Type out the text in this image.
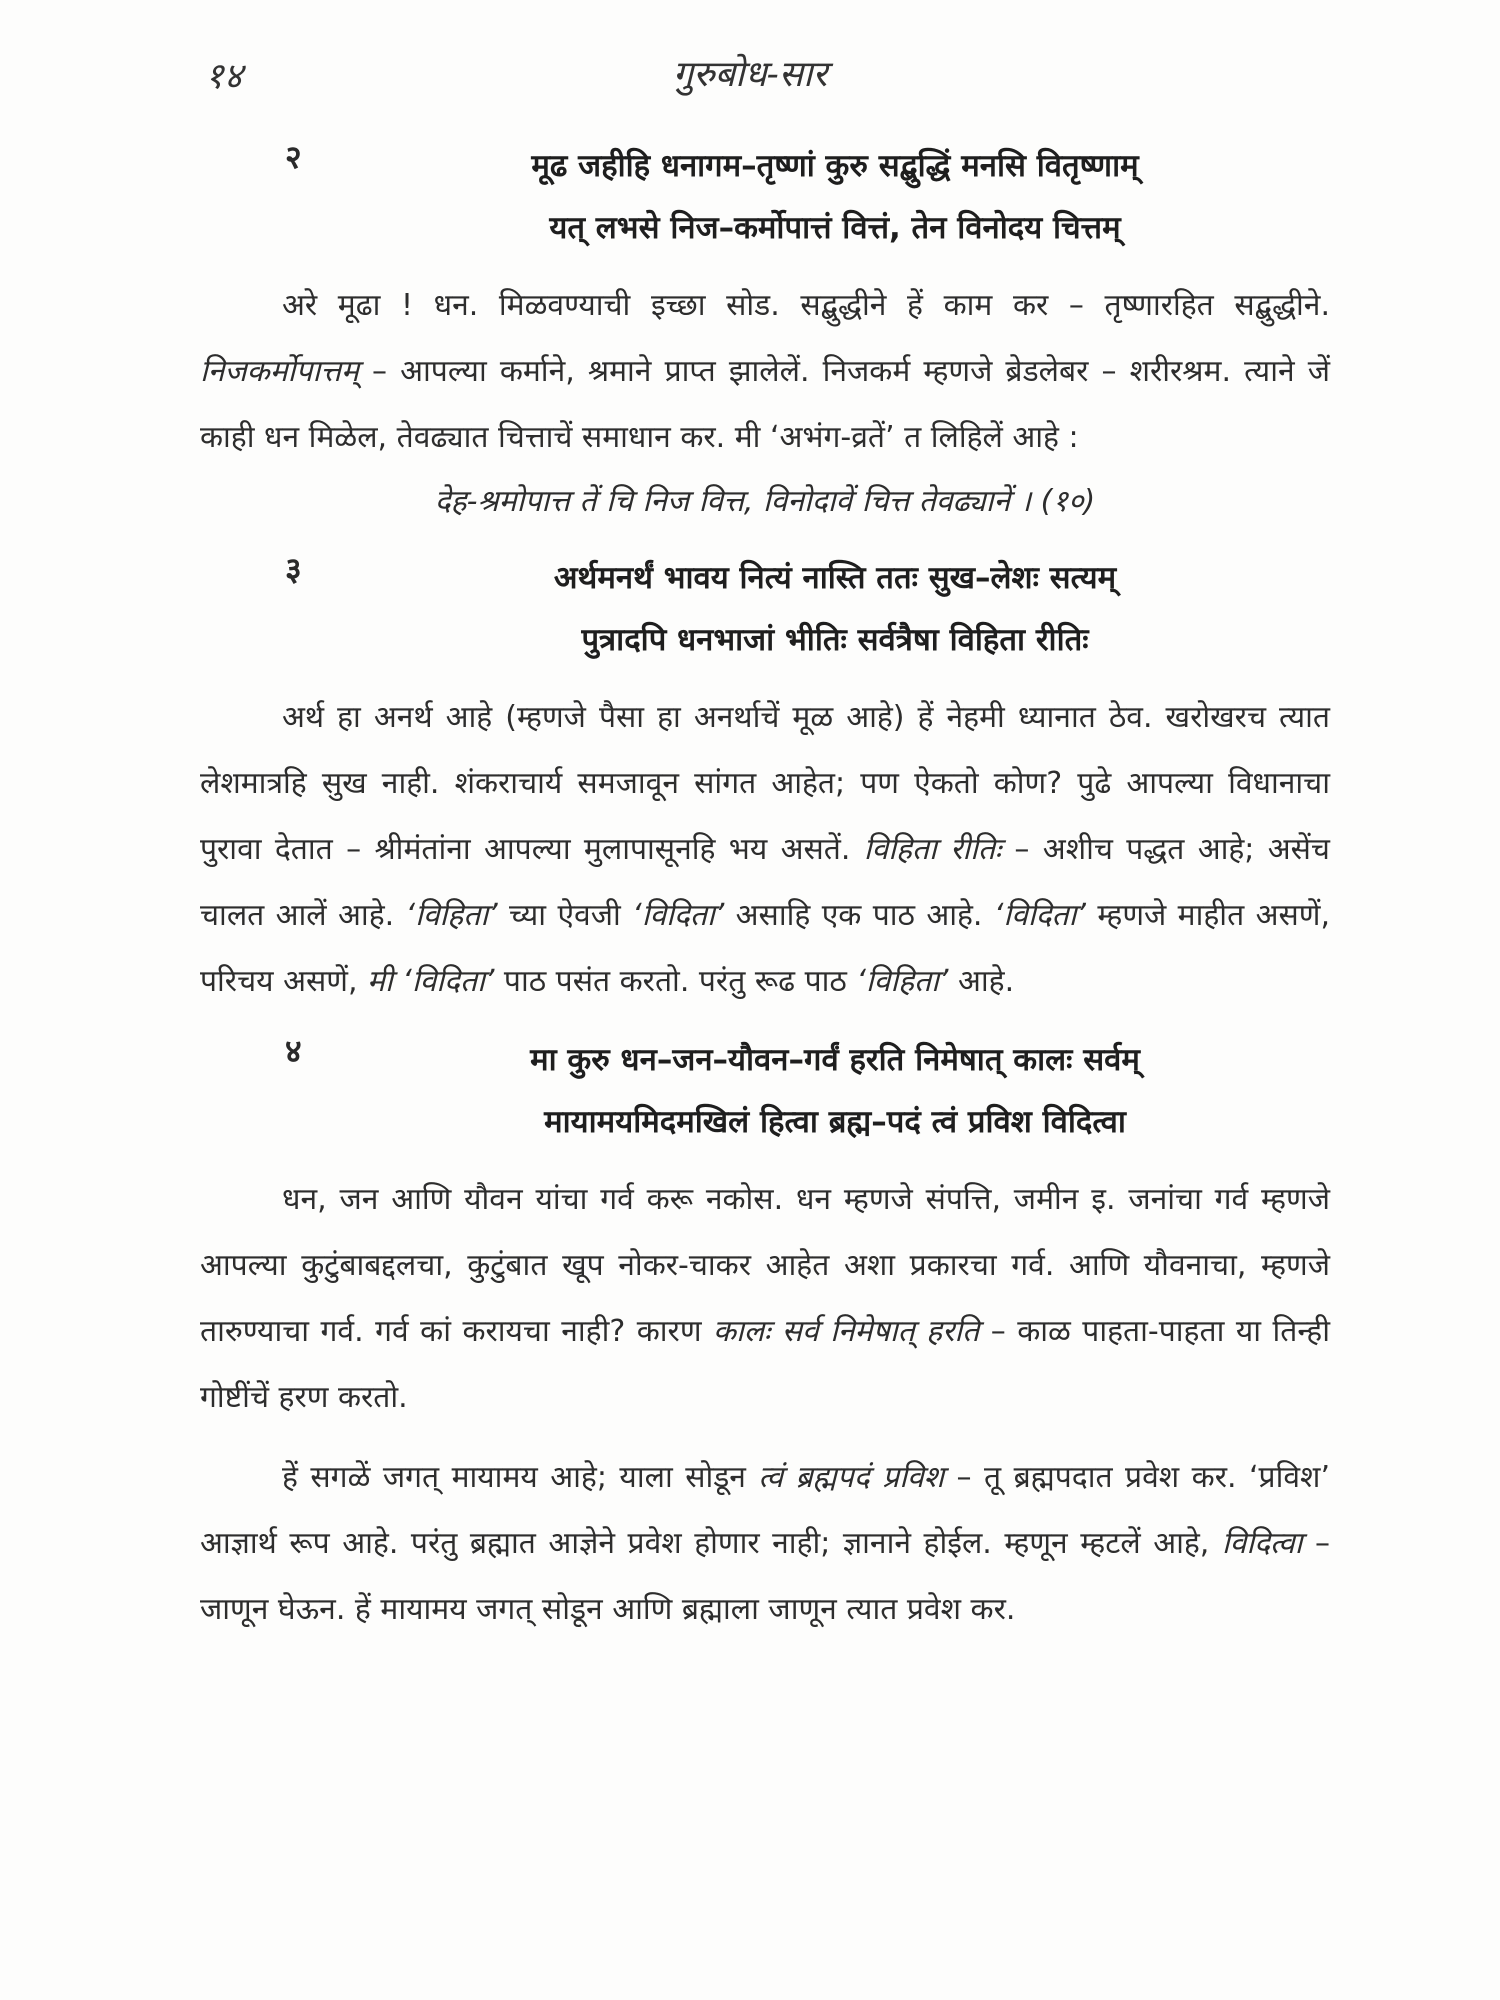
१४	गुरुबोध-सार
२	मूढ जहीहि धनागम–तृष्णां कुरु सद्बुद्धिं मनसि वितृष्णाम्
यत् लभसे निज–कर्मोपात्तं वित्तं, तेन विनोदय चित्तम्

अरे मूढा ! धन. मिळवण्याची इच्छा सोड. सद्बुद्धीने हें काम कर – तृष्णारहित सद्बुद्धीने. निजकर्मोपात्तम् – आपल्या कर्माने, श्रमाने प्राप्त झालेलें. निजकर्म म्हणजे ब्रेडलेबर – शरीरश्रम. त्याने जें काही धन मिळेल, तेवढ्यात चित्ताचें समाधान कर. मी ‘अभंग-व्रतें’ त लिहिलें आहे :

देह-श्रमोपात्त तें चि निज वित्त, विनोदावें चित्त तेवढ्यानें । (१०)

३	अर्थमनर्थं भावय नित्यं नास्ति ततः सुख–लेशः सत्यम्
पुत्रादपि धनभाजां भीतिः सर्वत्रैषा विहिता रीतिः

अर्थ हा अनर्थ आहे (म्हणजे पैसा हा अनर्थाचें मूळ आहे) हें नेहमी ध्यानात ठेव. खरोखरच त्यात लेशमात्रहि सुख नाही. शंकराचार्य समजावून सांगत आहेत; पण ऐकतो कोण? पुढे आपल्या विधानाचा पुरावा देतात – श्रीमंतांना आपल्या मुलापासूनहि भय असतें. विहिता रीतिः – अशीच पद्धत आहे; असेंच चालत आलें आहे. ‘विहिता’ च्या ऐवजी ‘विदिता’ असाहि एक पाठ आहे. ‘विदिता’ म्हणजे माहीत असणें, परिचय असणें, मी ‘विदिता’ पाठ पसंत करतो. परंतु रूढ पाठ ‘विहिता’ आहे.

४	मा कुरु धन–जन–यौवन–गर्वं हरति निमेषात् कालः सर्वम्
मायामयमिदमखिलं हित्वा ब्रह्म–पदं त्वं प्रविश विदित्वा

धन, जन आणि यौवन यांचा गर्व करू नकोस. धन म्हणजे संपत्ति, जमीन इ. जनांचा गर्व म्हणजे आपल्या कुटुंबाबद्दलचा, कुटुंबात खूप नोकर-चाकर आहेत अशा प्रकारचा गर्व. आणि यौवनाचा, म्हणजे तारुण्याचा गर्व. गर्व कां करायचा नाही? कारण कालः सर्व निमेषात् हरति – काळ पाहता-पाहता या तिन्ही गोष्टींचें हरण करतो.

हें सगळें जगत् मायामय आहे; याला सोडून त्वं ब्रह्मपदं प्रविश – तू ब्रह्मपदात प्रवेश कर. ‘प्रविश’ आज्ञार्थ रूप आहे. परंतु ब्रह्मात आज्ञेने प्रवेश होणार नाही; ज्ञानाने होईल. म्हणून म्हटलें आहे, विदित्वा – जाणून घेऊन. हें मायामय जगत् सोडून आणि ब्रह्माला जाणून त्यात प्रवेश कर.
